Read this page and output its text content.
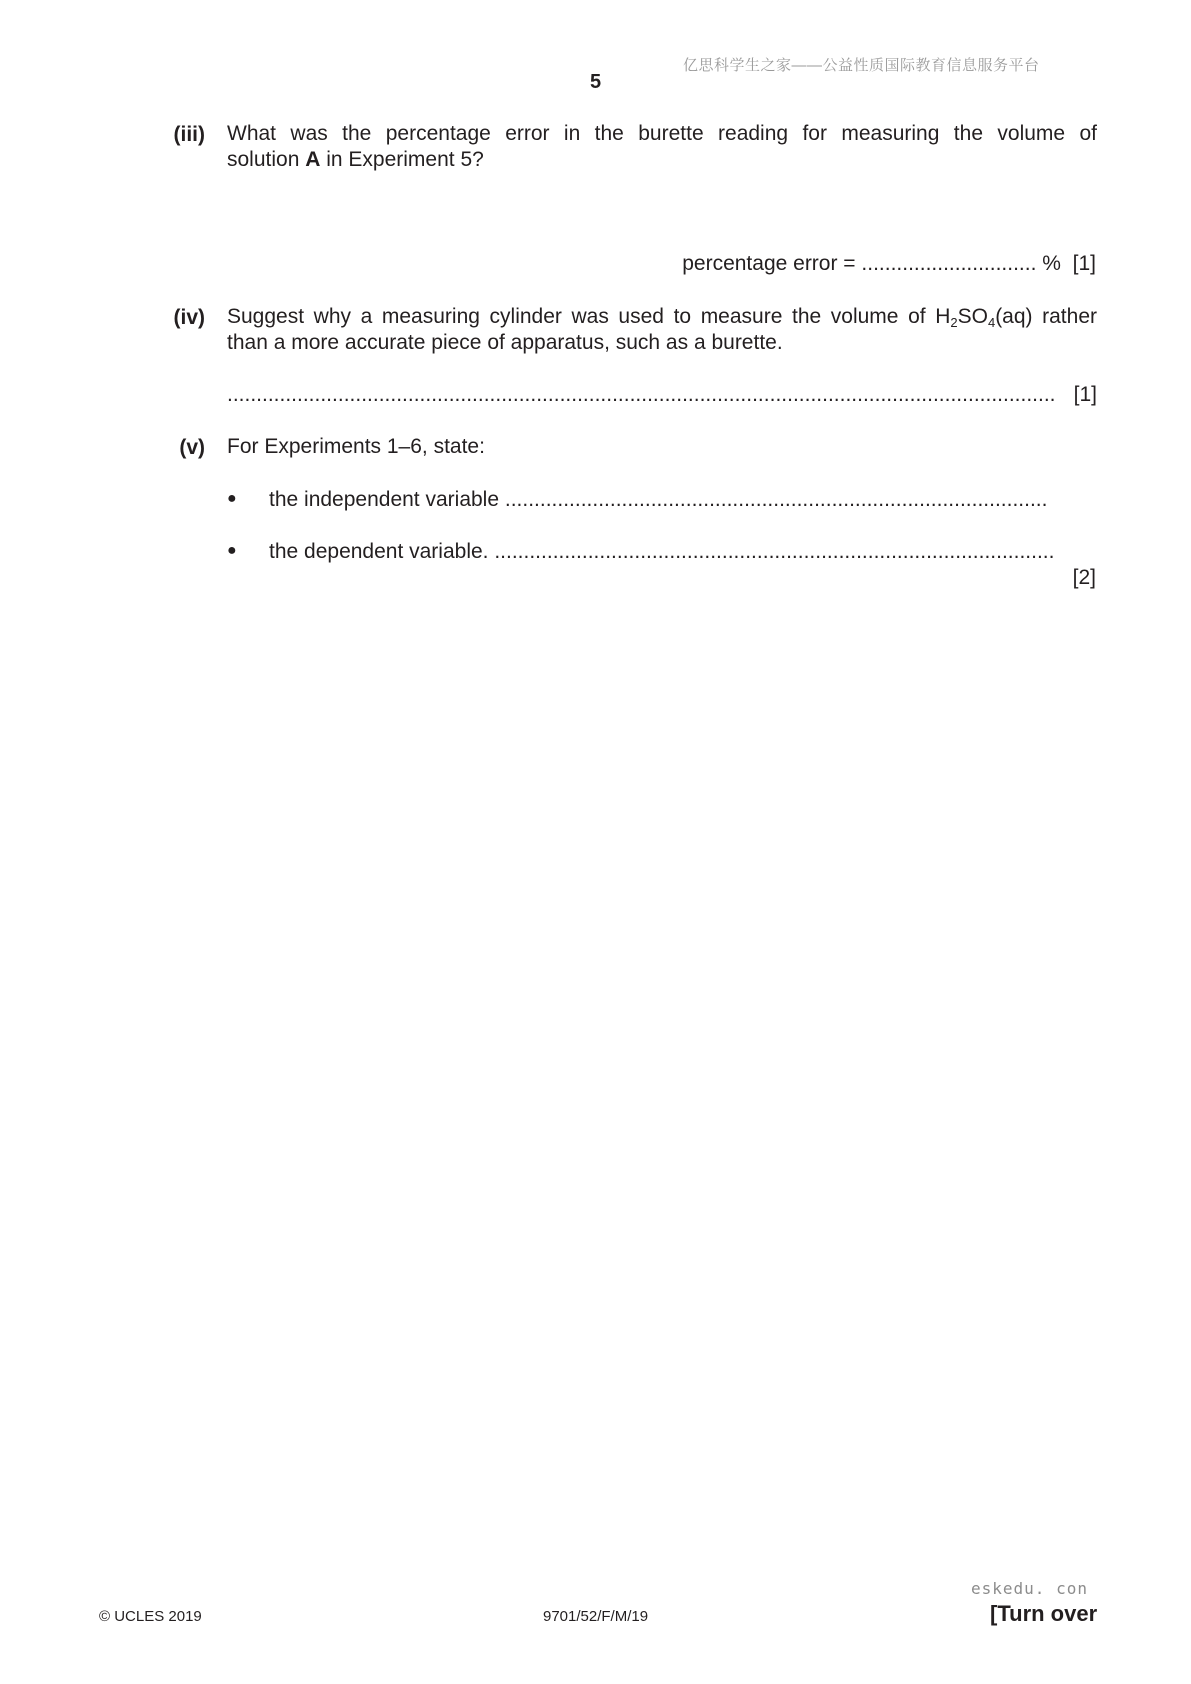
亿思科学生之家——公益性质国际教育信息服务平台
5
(iii) What was the percentage error in the burette reading for measuring the volume of
solution A in Experiment 5?
percentage error = .............................. % [1]
(iv) Suggest why a measuring cylinder was used to measure the volume of $H_2SO_4(aq)$ rather
than a more accurate piece of apparatus, such as a burette.
.............................................................................................................................................. [1]
(v) For Experiments 1–6, state:
● the independent variable .............................................................................................
● the dependent variable. ................................................................................................
[2]
eskedu. con
© UCLES 2019	9701/52/F/M/19	[Turn over
